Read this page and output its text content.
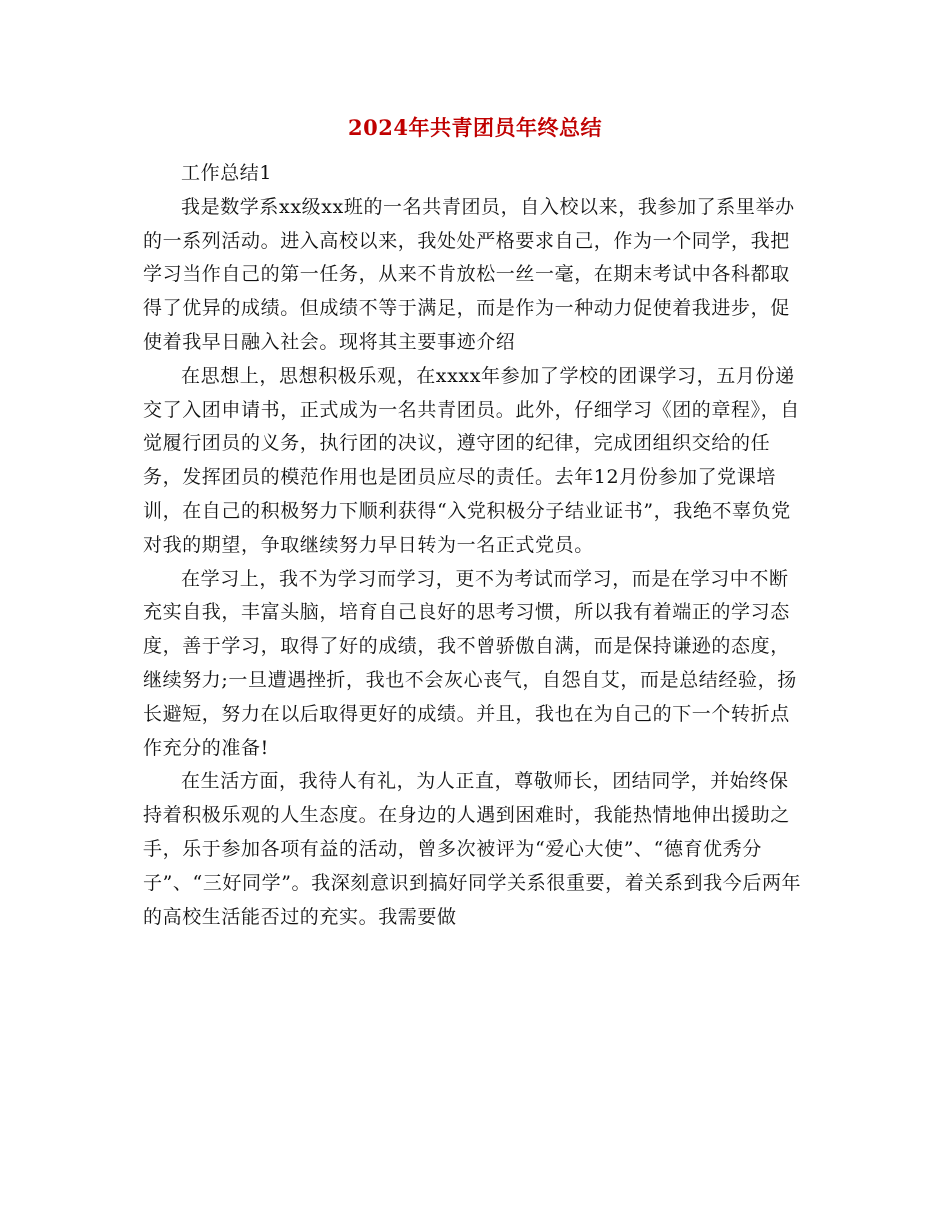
2024年共青团员年终总结

工作总结1

我是数学系xx级xx班的一名共青团员，自入校以来，我参加了系里举办的一系列活动。进入高校以来，我处处严格要求自己，作为一个同学，我把学习当作自己的第一任务，从来不肯放松一丝一毫，在期末考试中各科都取得了优异的成绩。但成绩不等于满足，而是作为一种动力促使着我进步，促使着我早日融入社会。现将其主要事迹介绍

在思想上，思想积极乐观，在xxxx年参加了学校的团课学习，五月份递交了入团申请书，正式成为一名共青团员。此外，仔细学习《团的章程》，自觉履行团员的义务，执行团的决议，遵守团的纪律，完成团组织交给的任务，发挥团员的模范作用也是团员应尽的责任。去年12月份参加了党课培训，在自己的积极努力下顺利获得“入党积极分子结业证书”，我绝不辜负党对我的期望，争取继续努力早日转为一名正式党员。

在学习上，我不为学习而学习，更不为考试而学习，而是在学习中不断充实自我，丰富头脑，培育自己良好的思考习惯，所以我有着端正的学习态度，善于学习，取得了好的成绩，我不曾骄傲自满，而是保持谦逊的态度，继续努力;一旦遭遇挫折，我也不会灰心丧气，自怨自艾，而是总结经验，扬长避短，努力在以后取得更好的成绩。并且，我也在为自己的下一个转折点作充分的准备!

在生活方面，我待人有礼，为人正直，尊敬师长，团结同学，并始终保持着积极乐观的人生态度。在身边的人遇到困难时，我能热情地伸出援助之手，乐于参加各项有益的活动，曾多次被评为“爱心大使”、“德育优秀分子”、“三好同学”。我深刻意识到搞好同学关系很重要，着关系到我今后两年的高校生活能否过的充实。我需要做
